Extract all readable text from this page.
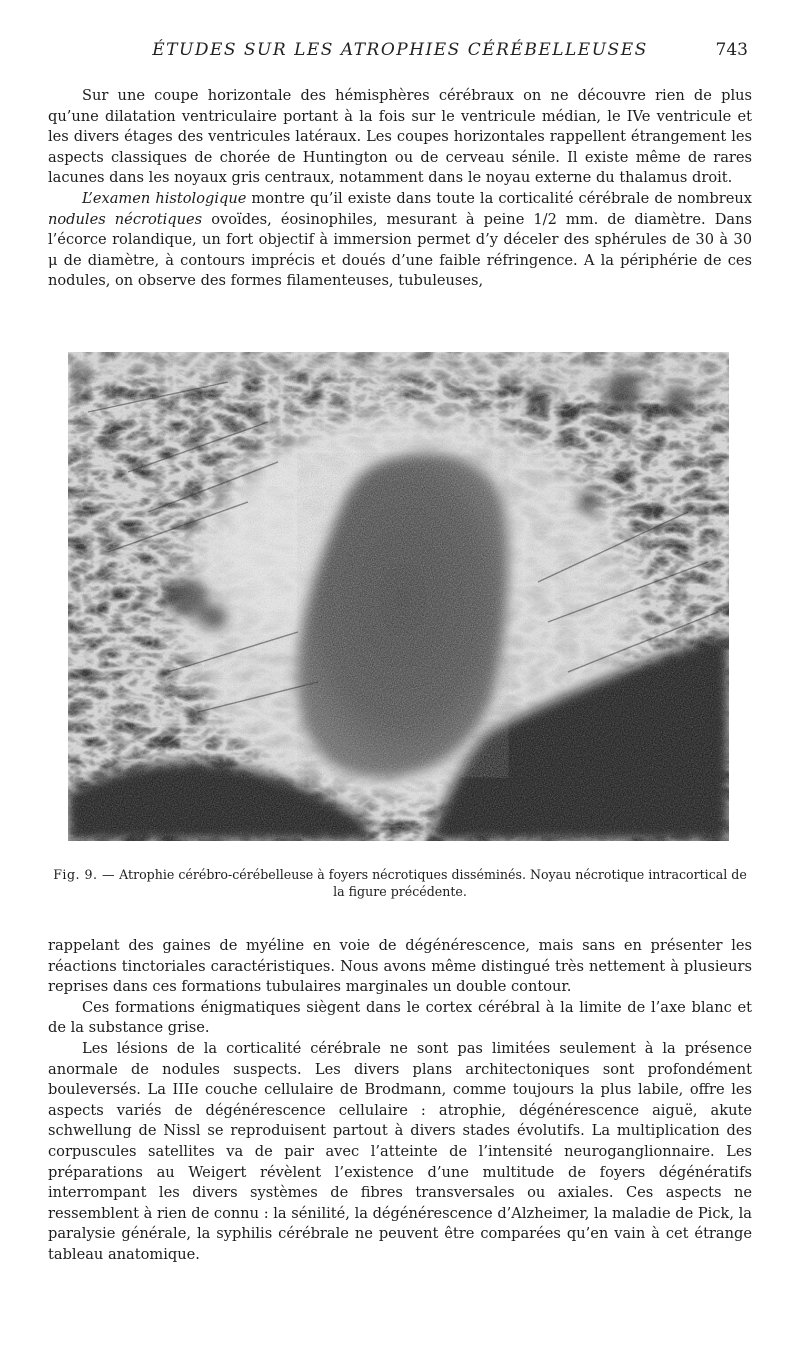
ÉTUDES SUR LES ATROPHIES CÉRÉBELLEUSES	743

Sur une coupe horizontale des hémisphères cérébraux on ne découvre rien de plus qu’une dilatation ventriculaire portant à la fois sur le ventricule médian, le IVe ventricule et les divers étages des ventricules latéraux. Les coupes horizontales rappellent étrangement les aspects classiques de chorée de Huntington ou de cerveau sénile. Il existe même de rares lacunes dans les noyaux gris centraux, notamment dans le noyau externe du thalamus droit.

L’examen histologique montre qu’il existe dans toute la corticalité cérébrale de nombreux nodules nécrotiques ovoïdes, éosinophiles, mesurant à peine 1/2 mm. de diamètre. Dans l’écorce rolandique, un fort objectif à immersion permet d’y déceler des sphérules de 30 à 30 μ de diamètre, à contours imprécis et doués d’une faible réfringence. A la périphérie de ces nodules, on observe des formes filamenteuses, tubuleuses,

Fig. 9. — Atrophie cérébro-cérébelleuse à foyers nécrotiques disséminés. Noyau nécrotique intracortical de la figure précédente.

rappelant des gaines de myéline en voie de dégénérescence, mais sans en présenter les réactions tinctoriales caractéristiques. Nous avons même distingué très nettement à plusieurs reprises dans ces formations tubulaires marginales un double contour.

Ces formations énigmatiques siègent dans le cortex cérébral à la limite de l’axe blanc et de la substance grise.

Les lésions de la corticalité cérébrale ne sont pas limitées seulement à la présence anormale de nodules suspects. Les divers plans architectoniques sont profondément bouleversés. La IIIe couche cellulaire de Brodmann, comme toujours la plus labile, offre les aspects variés de dégénérescence cellulaire : atrophie, dégénérescence aiguë, akute schwellung de Nissl se reproduisent partout à divers stades évolutifs. La multiplication des corpuscules satellites va de pair avec l’atteinte de l’intensité neuroganglionnaire. Les préparations au Weigert révèlent l’existence d’une multitude de foyers dégénératifs interrompant les divers systèmes de fibres transversales ou axiales. Ces aspects ne ressemblent à rien de connu : la sénilité, la dégénérescence d’Alzheimer, la maladie de Pick, la paralysie générale, la syphilis cérébrale ne peuvent être comparées qu’en vain à cet étrange tableau anatomique.
